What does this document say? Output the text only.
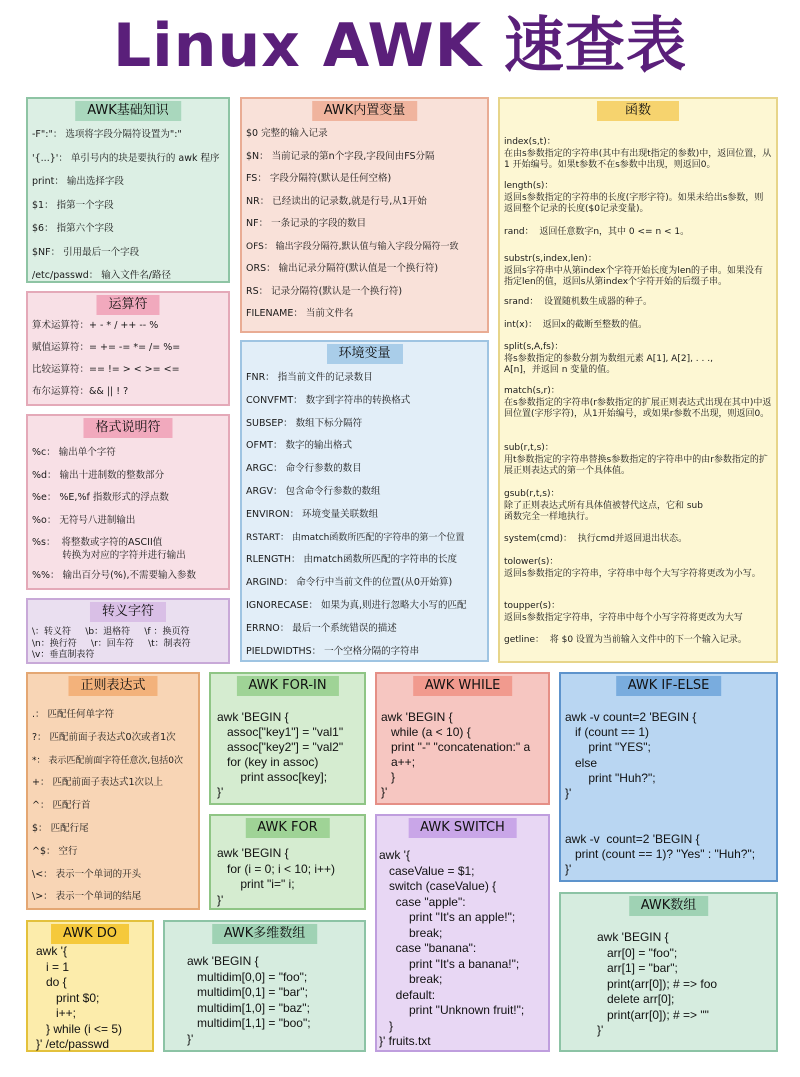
Linux AWK 速查表
AWK基础知识
-F":"： 选项将字段分隔符设置为":"
'{...}'： 单引号内的块是要执行的 awk 程序
print： 输出选择字段
$1： 指第一个字段
$6： 指第六个字段
$NF： 引用最后一个字段
/etc/passwd： 输入文件名/路径
AWK内置变量
$0 完整的输入记录
$N： 当前记录的第n个字段,字段间由FS分隔
FS： 字段分隔符(默认是任何空格)
NR： 已经读出的记录数,就是行号,从1开始
NF： 一条记录的字段的数目
OFS： 输出字段分隔符,默认值与输入字段分隔符一致
ORS： 输出记录分隔符(默认值是一个换行符)
RS： 记录分隔符(默认是一个换行符)
FILENAME： 当前文件名
函数

index(s,t)：
在由s参数指定的字符串(其中有出现t指定的参数)中，返回位置，从 1 开始编号。如果t参数不在s参数中出现，则返回0。

length(s)：
返回s参数指定的字符串的长度(字形字符)。如果未给出s参数，则返回整个记录的长度($0记录变量)。

rand：  返回任意数字n，其中 0 <= n < 1。

substr(s,index,len)：
返回s字符串中从第index个字符开始长度为len的子串。如果没有指定len的值，返回s从第index个字符开始的后缀子串。

srand：  设置随机数生成器的种子。

int(x)：  返回x的截断至整数的值。

split(s,A,fs)：
将s参数指定的参数分割为数组元素 A[1], A[2], . . .,
A[n]，并返回 n 变量的值。

match(s,r)：
在s参数指定的字符串(r参数指定的扩展正则表达式出现在其中)中返回位置(字形字符)，从1开始编号，或如果r参数不出现，则返回0。

sub(r,t,s)：
用t参数指定的字符串替换s参数指定的字符串中的由r参数指定的扩展正则表达式的第一个具体值。

gsub(r,t,s)：
除了正则表达式所有具体值被替代这点，它和 sub
函数完全一样地执行。

system(cmd)：  执行cmd并返回退出状态。

tolower(s)：
返回s参数指定的字符串，字符串中每个大写字符将更改为小写。

toupper(s)：
返回s参数指定字符串，字符串中每个小写字符将更改为大写

getline：  将 $0 设置为当前输入文件中的下一个输入记录。

运算符
算术运算符：+ - * / ++ -- %
赋值运算符：= += -= *= /= %=
比较运算符：== != > < >= <=
布尔运算符：&& || ! ?
环境变量
FNR： 指当前文件的记录数目
CONVFMT： 数字到字符串的转换格式
SUBSEP： 数组下标分隔符
OFMT： 数字的输出格式
ARGC： 命令行参数的数目
ARGV： 包含命令行参数的数组
ENVIRON： 环境变量关联数组
RSTART： 由match函数所匹配的字符串的第一个位置
RLENGTH： 由match函数所匹配的字符串的长度
ARGIND： 命令行中当前文件的位置(从0开始算)
IGNORECASE： 如果为真,则进行忽略大小写的匹配
ERRNO： 最后一个系统错误的描述
PIELDWIDTHS： 一个空格分隔的字符串
格式说明符
%c： 输出单个字符
%d： 输出十进制数的整数部分
%e： %E,%f 指数形式的浮点数
%o： 无符号八进制输出
%s：  将整数或字符的ASCII值
转换为对应的字符并进行输出
%%： 输出百分号(%),不需要输入参数
转义字符
\：转义符     \b：退格符     \f ：换页符
\n：换行符     \r：回车符     \t：制表符
\v：垂直制表符
正则表达式
.： 匹配任何单字符
?： 匹配前面子表达式0次或者1次
*： 表示匹配前面字符任意次,包括0次
+： 匹配前面子表达式1次以上
^： 匹配行首
$： 匹配行尾
^$： 空行
\<： 表示一个单词的开头
\>： 表示一个单词的结尾
AWK FOR-IN
awk 'BEGIN {
assoc["key1"] = "val1"
assoc["key2"] = "val2"
for (key in assoc)
print assoc[key];
}'
AWK WHILE
awk 'BEGIN {
while (a < 10) {
print "-" "concatenation:" a
a++;
}
}'
AWK IF-ELSE
awk -v count=2 'BEGIN {
if (count == 1)
print "YES";
else
print "Huh?";
}'

awk -v  count=2 'BEGIN {
print (count == 1)? "Yes" : "Huh?";
}'
AWK FOR
awk 'BEGIN {
for (i = 0; i < 10; i++)
print "i=" i;
}'
AWK SWITCH
awk '{
caseValue = $1;
switch (caseValue) {
case "apple":
print "It's an apple!";
break;
case "banana":
print "It's a banana!";
break;
default:
print "Unknown fruit!";
}
}' fruits.txt
AWK DO
awk '{
i = 1
do {
print $0;
i++;
} while (i <= 5)
}' /etc/passwd
AWK多维数组
awk 'BEGIN {
multidim[0,0] = "foo";
multidim[0,1] = "bar";
multidim[1,0] = "baz";
multidim[1,1] = "boo";
}'
AWK数组
awk 'BEGIN {
arr[0] = "foo";
arr[1] = "bar";
print(arr[0]); # => foo
delete arr[0];
print(arr[0]); # => ""
}'
